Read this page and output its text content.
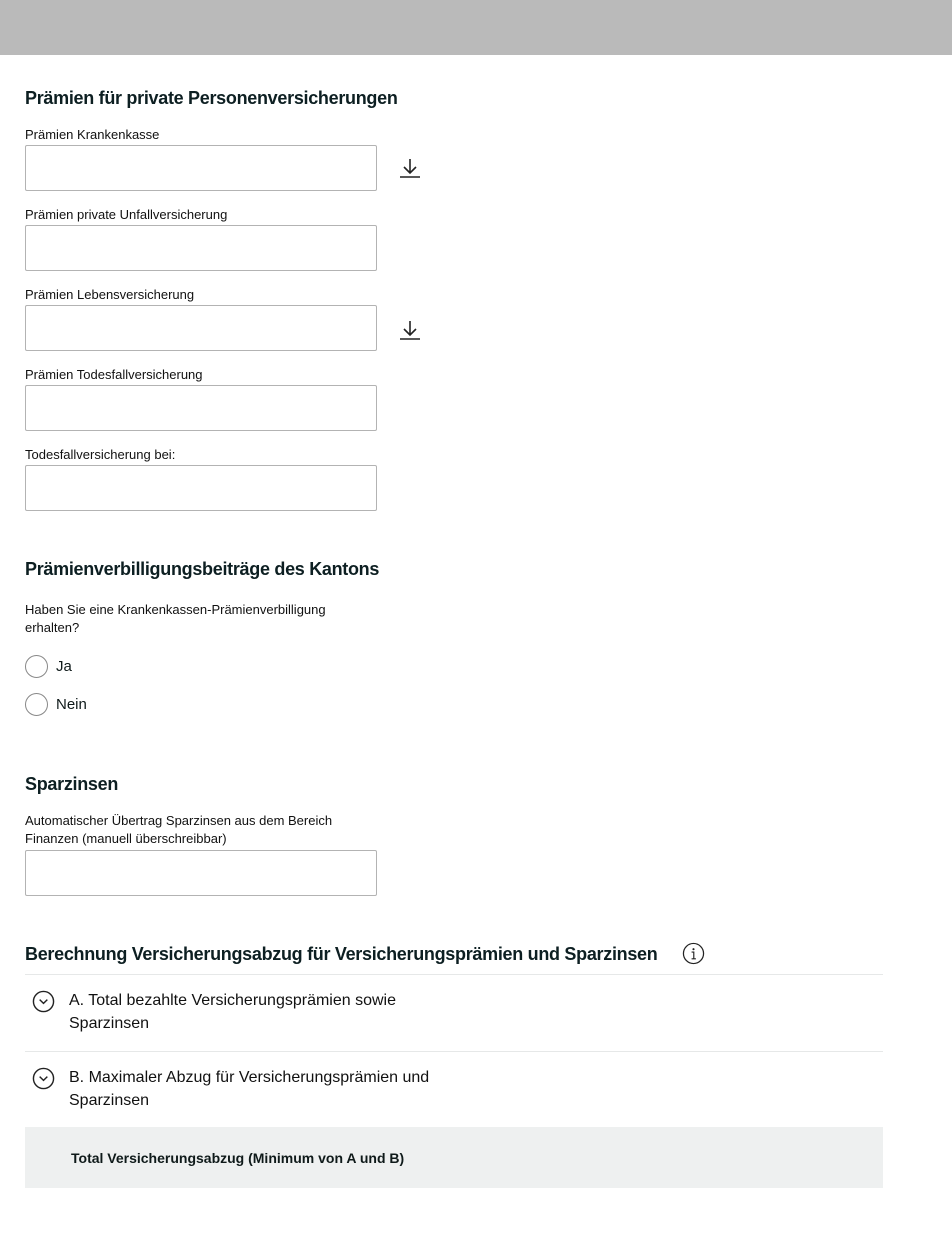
Prämien für private Personenversicherungen
Prämien Krankenkasse
Prämien private Unfallversicherung
Prämien Lebensversicherung
Prämien Todesfallversicherung
Todesfallversicherung bei:
Prämienverbilligungsbeiträge des Kantons
Haben Sie eine Krankenkassen-Prämienverbilligung
erhalten?
Ja
Nein
Sparzinsen
Automatischer Übertrag Sparzinsen aus dem Bereich
Finanzen (manuell überschreibbar)
Berechnung Versicherungsabzug für Versicherungsprämien und Sparzinsen
A. Total bezahlte Versicherungsprämien sowie
Sparzinsen
B. Maximaler Abzug für Versicherungsprämien und
Sparzinsen
Total Versicherungsabzug (Minimum von A und B)
